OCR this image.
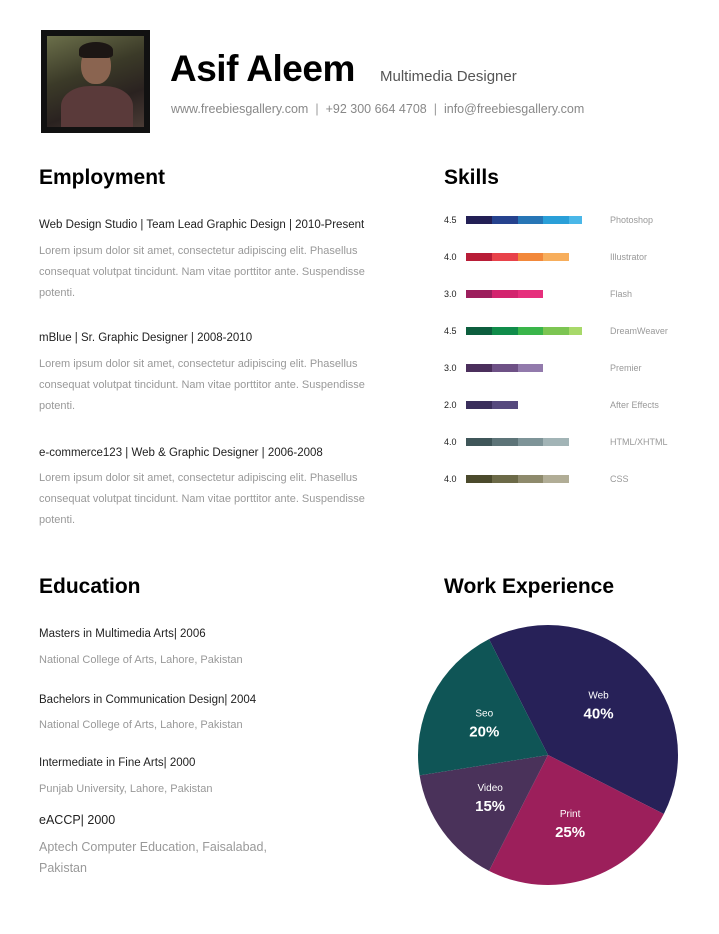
Asif Aleem Multimedia Designer
www.freebiesgallery.com | +92 300 664 4708 | info@freebiesgallery.com
Employment
Web Design Studio | Team Lead Graphic Design | 2010-Present
Lorem ipsum dolor sit amet, consectetur adipiscing elit. Phasellus consequat volutpat tincidunt. Nam vitae porttitor ante. Suspendisse potenti.
mBlue | Sr. Graphic Designer | 2008-2010
Lorem ipsum dolor sit amet, consectetur adipiscing elit. Phasellus consequat volutpat tincidunt. Nam vitae porttitor ante. Suspendisse potenti.
e-commerce123 | Web & Graphic Designer | 2006-2008
Lorem ipsum dolor sit amet, consectetur adipiscing elit. Phasellus consequat volutpat tincidunt. Nam vitae porttitor ante. Suspendisse potenti.
Skills
4.5	Photoshop
4.0	Illustrator
3.0	Flash
4.5	DreamWeaver
3.0	Premier
2.0	After Effects
4.0	HTML/XHTML
4.0	CSS
Education
Masters in Multimedia Arts| 2006
National College of Arts, Lahore, Pakistan
Bachelors in Communication Design| 2004
National College of Arts, Lahore, Pakistan
Intermediate in Fine Arts| 2000
Punjab University, Lahore, Pakistan
eACCP| 2000
Aptech Computer Education, Faisalabad, Pakistan
Work Experience
Web
40%
Print
25%
Video
15%
Seo
20%
